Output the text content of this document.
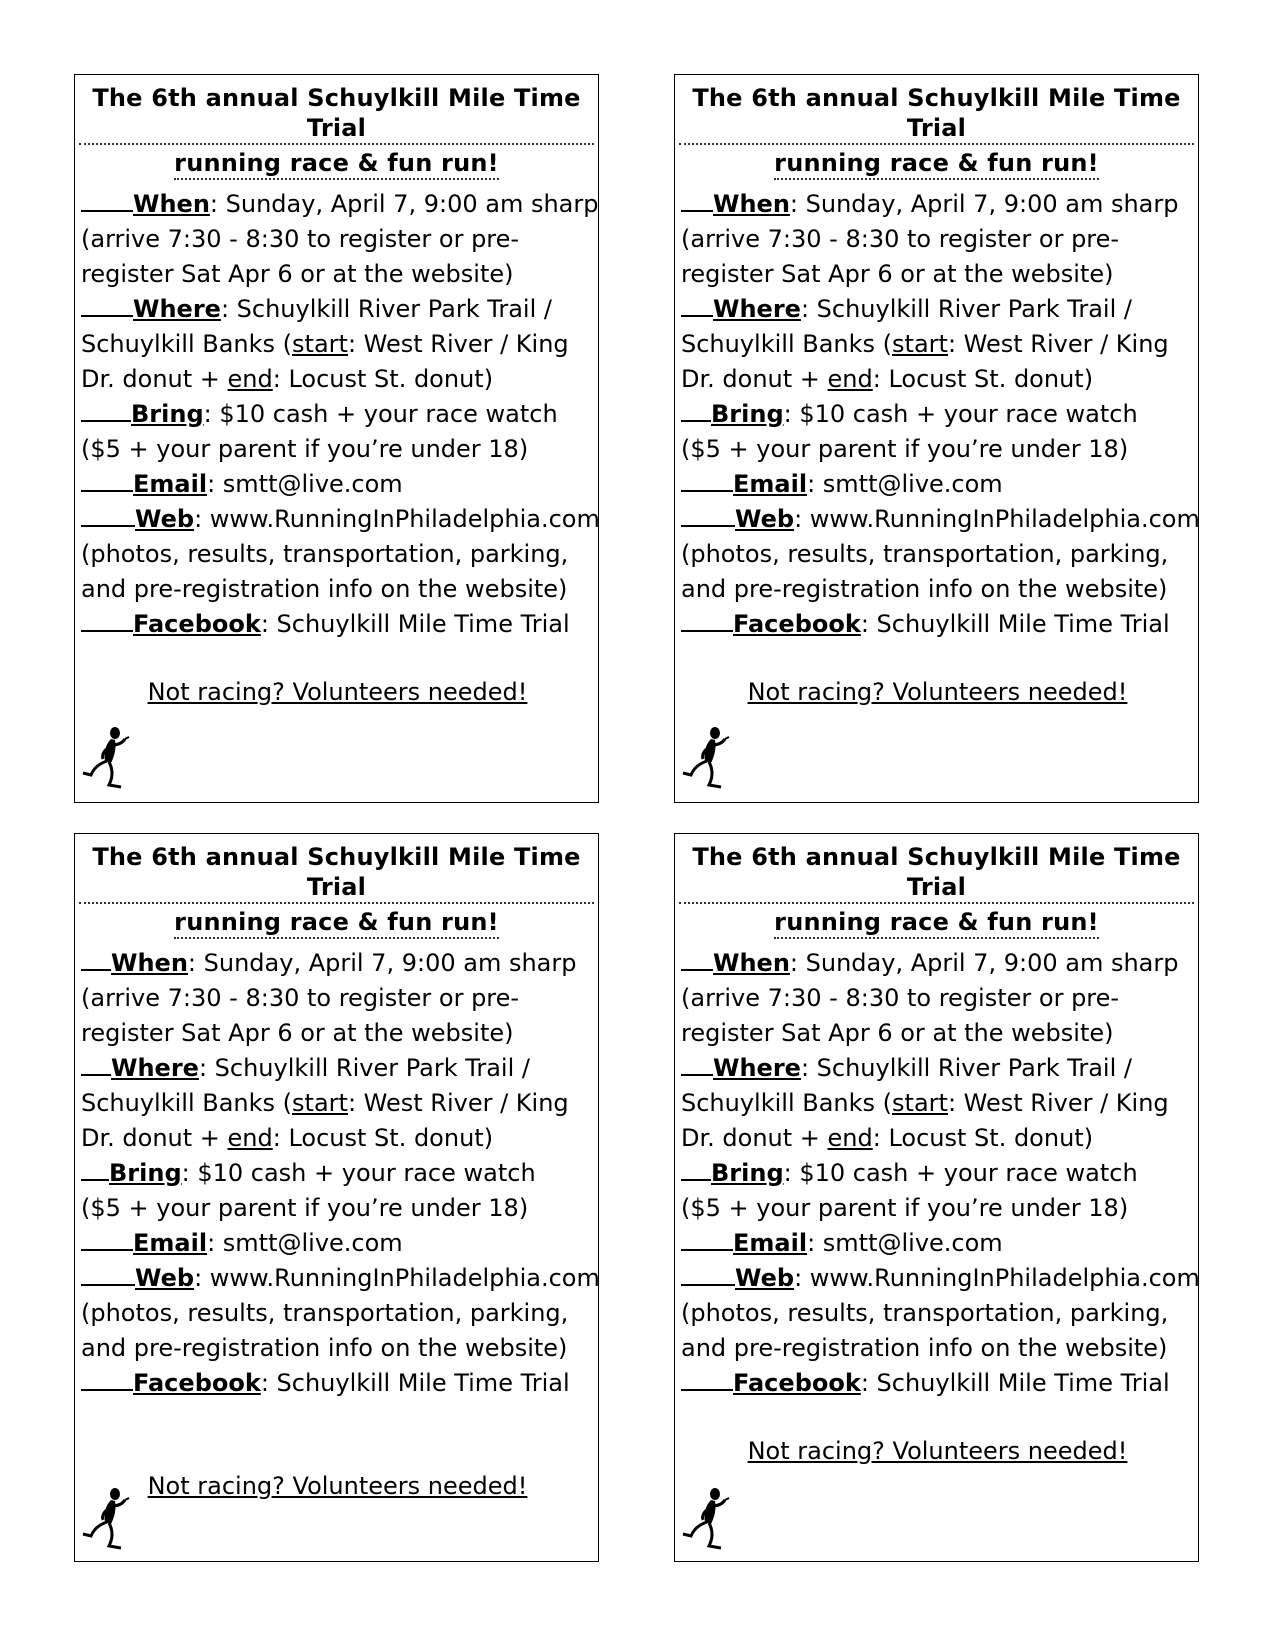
The 6th annual Schuylkill Mile Time Trial
running race & fun run!
When: Sunday, April 7, 9:00 am sharp
(arrive 7:30 - 8:30 to register or pre-
register Sat Apr 6 or at the website)
Where: Schuylkill River Park Trail /
Schuylkill Banks (start: West River / King
Dr. donut + end: Locust St. donut)
Bring: $10 cash + your race watch
($5 + your parent if you’re under 18)
Email: smtt@live.com
Web: www.RunningInPhiladelphia.com
(photos, results, transportation, parking,
and pre-registration info on the website)
Facebook: Schuylkill Mile Time Trial
Not racing? Volunteers needed!
The 6th annual Schuylkill Mile Time Trial
running race & fun run!
When: Sunday, April 7, 9:00 am sharp
(arrive 7:30 - 8:30 to register or pre-
register Sat Apr 6 or at the website)
Where: Schuylkill River Park Trail /
Schuylkill Banks (start: West River / King
Dr. donut + end: Locust St. donut)
Bring: $10 cash + your race watch
($5 + your parent if you’re under 18)
Email: smtt@live.com
Web: www.RunningInPhiladelphia.com
(photos, results, transportation, parking,
and pre-registration info on the website)
Facebook: Schuylkill Mile Time Trial
Not racing? Volunteers needed!
The 6th annual Schuylkill Mile Time Trial
running race & fun run!
When: Sunday, April 7, 9:00 am sharp
(arrive 7:30 - 8:30 to register or pre-
register Sat Apr 6 or at the website)
Where: Schuylkill River Park Trail /
Schuylkill Banks (start: West River / King
Dr. donut + end: Locust St. donut)
Bring: $10 cash + your race watch
($5 + your parent if you’re under 18)
Email: smtt@live.com
Web: www.RunningInPhiladelphia.com
(photos, results, transportation, parking,
and pre-registration info on the website)
Facebook: Schuylkill Mile Time Trial
Not racing? Volunteers needed!
The 6th annual Schuylkill Mile Time Trial
running race & fun run!
When: Sunday, April 7, 9:00 am sharp
(arrive 7:30 - 8:30 to register or pre-
register Sat Apr 6 or at the website)
Where: Schuylkill River Park Trail /
Schuylkill Banks (start: West River / King
Dr. donut + end: Locust St. donut)
Bring: $10 cash + your race watch
($5 + your parent if you’re under 18)
Email: smtt@live.com
Web: www.RunningInPhiladelphia.com
(photos, results, transportation, parking,
and pre-registration info on the website)
Facebook: Schuylkill Mile Time Trial
Not racing? Volunteers needed!
